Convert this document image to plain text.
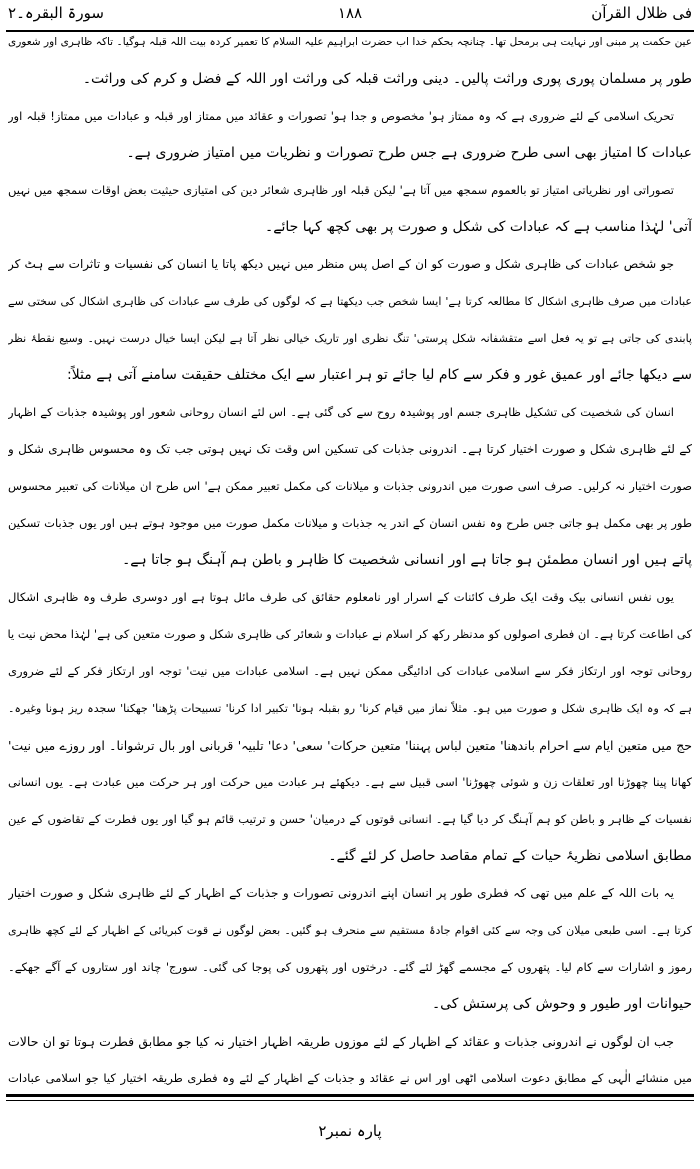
فی ظلال القرآن
۱۸۸
سورۃ البقرہ۔۲
عین حکمت پر مبنی اور نہایت ہی برمحل تھا۔ چنانچہ بحکم خدا اب حضرت ابراہیم علیہ السلام کا تعمیر کردہ بیت اللہ قبلہ ہوگیا۔ تاکہ ظاہری اور شعوری
طور پر مسلمان پوری پوری وراثت پالیں۔ دینی وراثت قبلہ کی وراثت اور اللہ کے فضل و کرم کی وراثت۔
تحریک اسلامی کے لئے ضروری ہے کہ وہ ممتاز ہو' مخصوص و جدا ہو' تصورات و عقائد میں ممتاز اور قبلہ و عبادات میں ممتاز! قبلہ اور
عبادات کا امتیاز بھی اسی طرح ضروری ہے جس طرح تصورات و نظریات میں امتیاز ضروری ہے۔
تصوراتی اور نظریاتی امتیاز تو بالعموم سمجھ میں آتا ہے' لیکن قبلہ اور ظاہری شعائر دین کی امتیازی حیثیت بعض اوقات سمجھ میں نہیں
آتی' لہٰذا مناسب ہے کہ عبادات کی شکل و صورت پر بھی کچھ کہا جائے۔
جو شخص عبادات کی ظاہری شکل و صورت کو ان کے اصل پس منظر میں نہیں دیکھ پاتا یا انسان کی نفسیات و تاثرات سے ہٹ کر
عبادات میں صرف ظاہری اشکال کا مطالعہ کرتا ہے' ایسا شخص جب دیکھتا ہے کہ لوگوں کی طرف سے عبادات کی ظاہری اشکال کی سختی سے
پابندی کی جاتی ہے تو یہ فعل اسے متقشفانہ شکل پرستی' تنگ نظری اور تاریک خیالی نظر آتا ہے لیکن ایسا خیال درست نہیں۔ وسیع نقطۂ نظر
سے دیکھا جائے اور عمیق غور و فکر سے کام لیا جائے تو ہر اعتبار سے ایک مختلف حقیقت سامنے آتی ہے مثلاً:
انسان کی شخصیت کی تشکیل ظاہری جسم اور پوشیدہ روح سے کی گئی ہے۔ اس لئے انسان روحانی شعور اور پوشیدہ جذبات کے اظہار
کے لئے ظاہری شکل و صورت اختیار کرتا ہے۔ اندرونی جذبات کی تسکین اس وقت تک نہیں ہوتی جب تک وہ محسوس ظاہری شکل و
صورت اختیار نہ کرلیں۔ صرف اسی صورت میں اندرونی جذبات و میلانات کی مکمل تعبیر ممکن ہے' اس طرح ان میلانات کی تعبیر محسوس
طور پر بھی مکمل ہو جاتی جس طرح وہ نفس انسان کے اندر یہ جذبات و میلانات مکمل صورت میں موجود ہوتے ہیں اور یوں جذبات تسکین
پاتے ہیں اور انسان مطمئن ہو جاتا ہے اور انسانی شخصیت کا ظاہر و باطن ہم آہنگ ہو جاتا ہے۔
یوں نفس انسانی بیک وقت ایک طرف کائنات کے اسرار اور نامعلوم حقائق کی طرف مائل ہوتا ہے اور دوسری طرف وہ ظاہری اشکال
کی اطاعت کرتا ہے۔ ان فطری اصولوں کو مدنظر رکھ کر اسلام نے عبادات و شعائر کی ظاہری شکل و صورت متعین کی ہے' لہٰذا محض نیت یا
روحانی توجہ اور ارتکاز فکر سے اسلامی عبادات کی ادائیگی ممکن نہیں ہے۔ اسلامی عبادات میں نیت' توجہ اور ارتکاز فکر کے لئے ضروری
ہے کہ وہ ایک ظاہری شکل و صورت میں ہو۔ مثلاً نماز میں قیام کرنا' رو بقبلہ ہونا' تکبیر ادا کرنا' تسبیحات پڑھنا' جھکنا' سجدہ ریز ہونا وغیرہ۔
حج میں متعین ایام سے احرام باندھنا' متعین لباس پہننا' متعین حرکات' سعی' دعا' تلبیہ' قربانی اور بال ترشوانا۔ اور روزے میں نیت'
کھانا پینا چھوڑنا اور تعلقات زن و شوئی چھوڑنا' اسی قبیل سے ہے۔ دیکھئے ہر عبادت میں حرکت اور ہر حرکت میں عبادت ہے۔ یوں انسانی
نفسیات کے ظاہر و باطن کو ہم آہنگ کر دیا گیا ہے۔ انسانی قوتوں کے درمیان' حسن و ترتیب قائم ہو گیا اور یوں فطرت کے تقاضوں کے عین
مطابق اسلامی نظریۂ حیات کے تمام مقاصد حاصل کر لئے گئے۔
یہ بات اللہ کے علم میں تھی کہ فطری طور پر انسان اپنے اندرونی تصورات و جذبات کے اظہار کے لئے ظاہری شکل و صورت اختیار
کرتا ہے۔ اسی طبعی میلان کی وجہ سے کئی اقوام جادۂ مستقیم سے منحرف ہو گئیں۔ بعض لوگوں نے قوت کبریائی کے اظہار کے لئے کچھ ظاہری
رموز و اشارات سے کام لیا۔ پتھروں کے مجسمے گھڑ لئے گئے۔ درختوں اور پتھروں کی پوجا کی گئی۔ سورج' چاند اور ستاروں کے آگے جھکے۔
حیوانات اور طیور و وحوش کی پرستش کی۔
جب ان لوگوں نے اندرونی جذبات و عقائد کے اظہار کے لئے موزوں طریقہ اظہار اختیار نہ کیا جو مطابق فطرت ہوتا تو ان حالات
میں منشائے الٰہی کے مطابق دعوت اسلامی اٹھی اور اس نے عقائد و جذبات کے اظہار کے لئے وہ فطری طریقہ اختیار کیا جو اسلامی عبادات
پارہ نمبر۲
